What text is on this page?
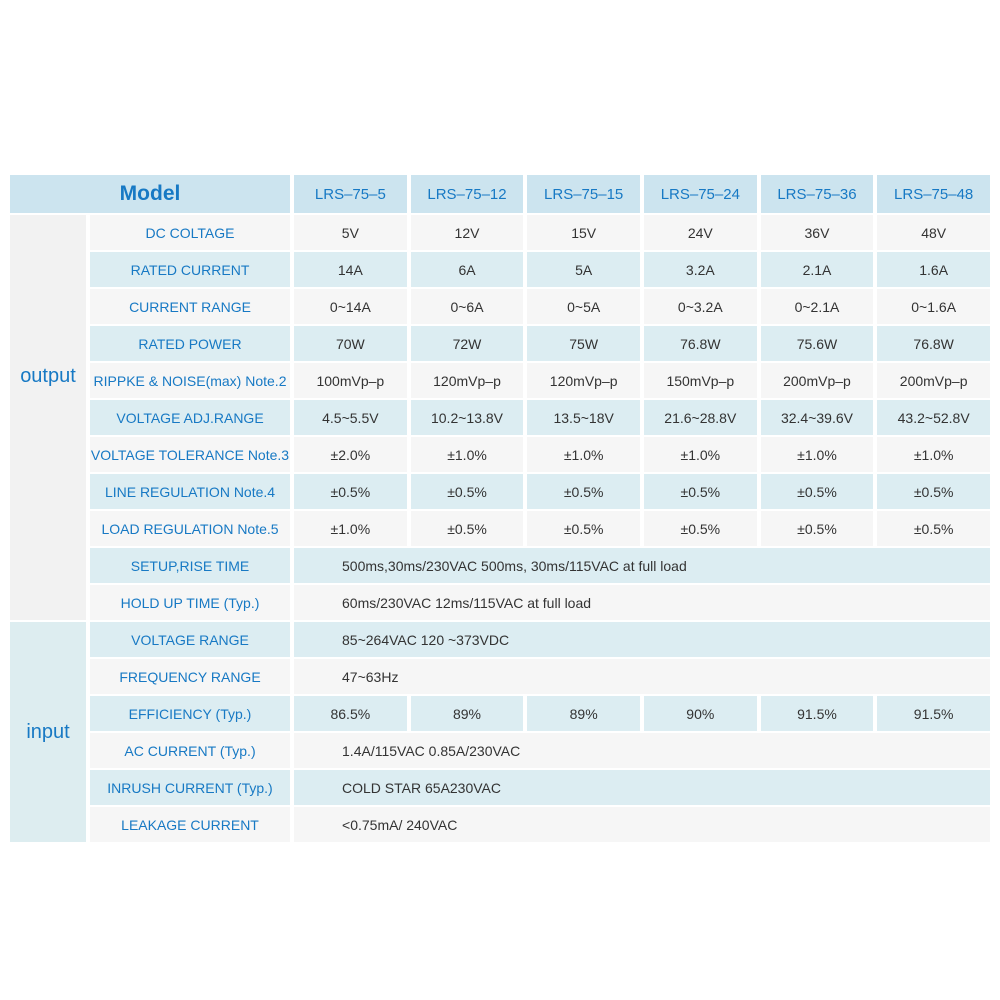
Model		LRS–75–5	LRS–75–12	LRS–75–15	LRS–75–24	LRS–75–36	LRS–75–48

output	DC COLTAGE	5V	12V	15V	24V	36V	48V
	RATED CURRENT	14A	6A	5A	3.2A	2.1A	1.6A
	CURRENT RANGE	0~14A	0~6A	0~5A	0~3.2A	0~2.1A	0~1.6A
	RATED POWER	70W	72W	75W	76.8W	75.6W	76.8W
	RIPPKE & NOISE(max) Note.2	100mVp–p	120mVp–p	120mVp–p	150mVp–p	200mVp–p	200mVp–p
	VOLTAGE ADJ.RANGE	4.5~5.5V	10.2~13.8V	13.5~18V	21.6~28.8V	32.4~39.6V	43.2~52.8V
	VOLTAGE TOLERANCE Note.3	±2.0%	±1.0%	±1.0%	±1.0%	±1.0%	±1.0%
	LINE REGULATION Note.4	±0.5%	±0.5%	±0.5%	±0.5%	±0.5%	±0.5%
	LOAD REGULATION Note.5	±1.0%	±0.5%	±0.5%	±0.5%	±0.5%	±0.5%
	SETUP,RISE TIME	500ms,30ms/230VAC 500ms, 30ms/115VAC at full load					
	HOLD UP TIME (Typ.)	60ms/230VAC 12ms/115VAC at full load					
input	VOLTAGE RANGE	85~264VAC 120 ~373VDC					
	FREQUENCY RANGE	47~63Hz					
	EFFICIENCY (Typ.)	86.5%	89%	89%	90%	91.5%	91.5%
	AC CURRENT (Typ.)	1.4A/115VAC 0.85A/230VAC					
	INRUSH CURRENT (Typ.)	COLD STAR 65A230VAC					
	LEAKAGE CURRENT	<0.75mA/ 240VAC					
